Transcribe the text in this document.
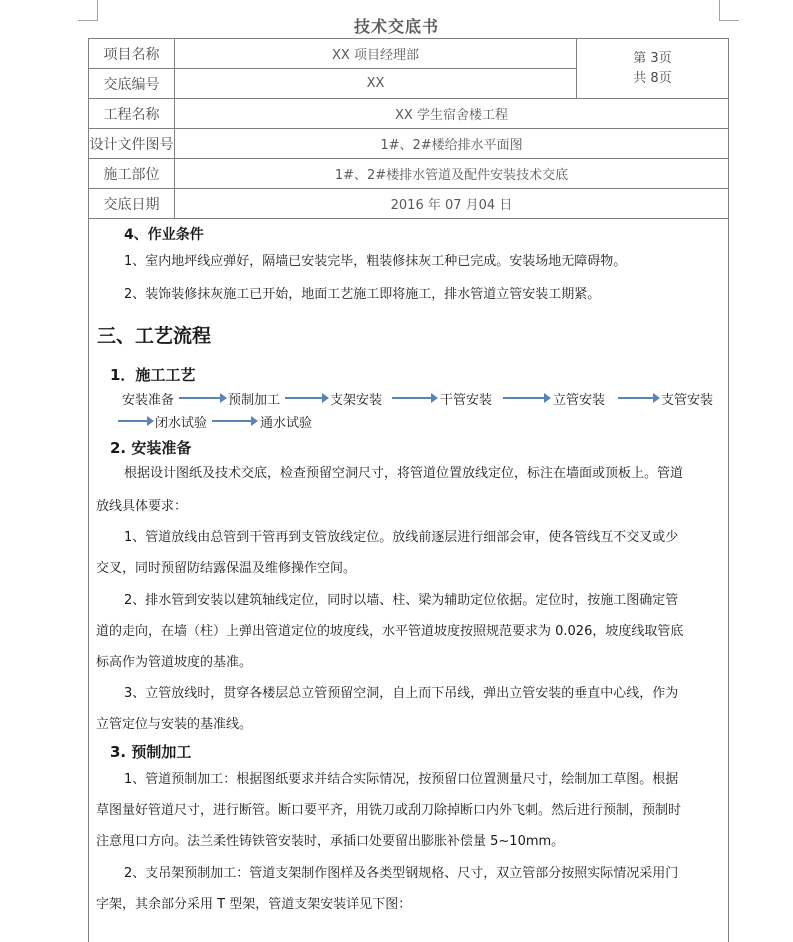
技术交底书
项目名称	XX 项目经理部	第 3页
共 8页

交底编号	XX	
工程名称	XX 学生宿舍楼工程	
设计文件图号	1#、2#楼给排水平面图	
施工部位	1#、2#楼排水管道及配件安装技术交底	
交底日期	2016 年 07 月04 日	
4、作业条件
1、室内地坪线应弹好，隔墙已安装完毕，粗装修抹灰工种已完成。安装场地无障碍物。
2、装饰装修抹灰施工已开始，地面工艺施工即将施工，排水管道立管安装工期紧。
三、工艺流程
1．施工工艺
安装准备	预制加工	支架安装	干管安装	立管安装	支管安装
闭水试验	通水试验
2. 安装准备
根据设计图纸及技术交底，检查预留空洞尺寸，将管道位置放线定位，标注在墙面或顶板上。管道
放线具体要求：
1、管道放线由总管到干管再到支管放线定位。放线前逐层进行细部会审，使各管线互不交叉或少
交叉，同时预留防结露保温及维修操作空间。
2、排水管到安装以建筑轴线定位，同时以墙、柱、梁为辅助定位依据。定位时，按施工图确定管
道的走向，在墙（柱）上弹出管道定位的坡度线，水平管道坡度按照规范要求为 0.026，坡度线取管底
标高作为管道坡度的基准。
3、立管放线时，贯穿各楼层总立管预留空洞，自上而下吊线，弹出立管安装的垂直中心线，作为
立管定位与安装的基准线。
3. 预制加工
1、管道预制加工：根据图纸要求并结合实际情况，按预留口位置测量尺寸，绘制加工草图。根据
草图量好管道尺寸，进行断管。断口要平齐，用铣刀或刮刀除掉断口内外飞刺。然后进行预制，预制时
注意甩口方向。法兰柔性铸铁管安装时，承插口处要留出膨胀补偿量 5~10mm。
2、支吊架预制加工：管道支架制作图样及各类型钢规格、尺寸，双立管部分按照实际情况采用门
字架，其余部分采用 T 型架，管道支架安装详见下图：
